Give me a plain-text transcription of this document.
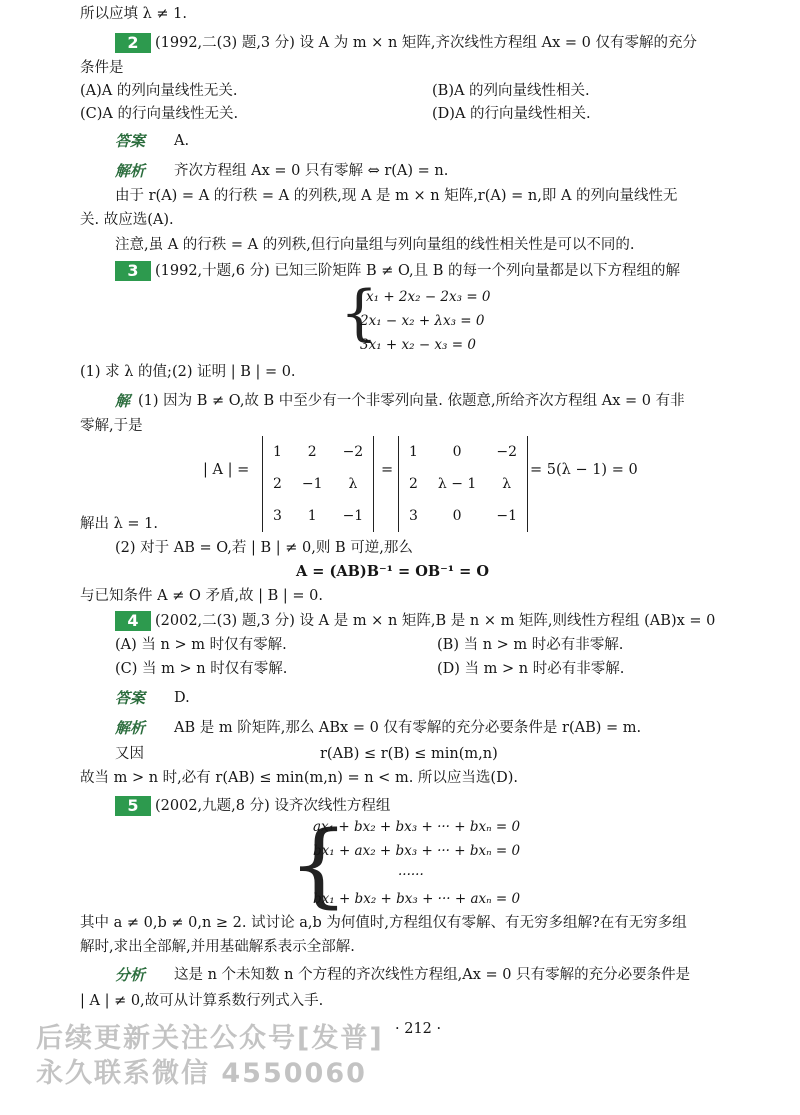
所以应填 λ ≠ 1.
2	(1992,二(3) 题,3 分) 设 A 为 m × n 矩阵,齐次线性方程组 Ax = 0 仅有零解的充分
条件是
(A)A 的列向量线性无关.	(B)A 的列向量线性相关.
(C)A 的行向量线性无关.	(D)A 的行向量线性相关.
答案 A.
解析 齐次方程组 Ax = 0 只有零解 ⇔ r(A) = n.
由于 r(A) = A 的行秩 = A 的列秩,现 A 是 m × n 矩阵,r(A) = n,即 A 的列向量线性无
关. 故应选(A).
注意,虽 A 的行秩 = A 的列秩,但行向量组与列向量组的线性相关性是可以不同的.
3	(1992,十题,6 分) 已知三阶矩阵 B ≠ O,且 B 的每一个列向量都是以下方程组的解
{
x₁ + 2x₂ − 2x₃ = 0
2x₁ − x₂ + λx₃ = 0
3x₁ + x₂ − x₃ = 0
(1) 求 λ 的值;(2) 证明 | B | = 0.
解 (1) 因为 B ≠ O,故 B 中至少有一个非零列向量. 依题意,所给齐次方程组 Ax = 0 有非
零解,于是
| A | =
1	2	−2
2	−1	λ
3	1	−1
=
1	0	−2
2	λ − 1	λ
3	0	−1
= 5(λ − 1) = 0
解出 λ = 1.
(2) 对于 AB = O,若 | B | ≠ 0,则 B 可逆,那么
A = (AB)B⁻¹ = OB⁻¹ = O
与已知条件 A ≠ O 矛盾,故 | B | = 0.
4	(2002,二(3) 题,3 分) 设 A 是 m × n 矩阵,B 是 n × m 矩阵,则线性方程组 (AB)x = 0
(A) 当 n > m 时仅有零解.	(B) 当 n > m 时必有非零解.
(C) 当 m > n 时仅有零解.	(D) 当 m > n 时必有非零解.
答案 D.
解析 AB 是 m 阶矩阵,那么 ABx = 0 仅有零解的充分必要条件是 r(AB) = m.
又因	r(AB) ≤ r(B) ≤ min(m,n)
故当 m > n 时,必有 r(AB) ≤ min(m,n) = n < m. 所以应当选(D).
5	(2002,九题,8 分) 设齐次线性方程组
{
ax₁ + bx₂ + bx₃ + ··· + bxₙ = 0
bx₁ + ax₂ + bx₃ + ··· + bxₙ = 0
······
bx₁ + bx₂ + bx₃ + ··· + axₙ = 0
其中 a ≠ 0,b ≠ 0,n ≥ 2. 试讨论 a,b 为何值时,方程组仅有零解、有无穷多组解?在有无穷多组
解时,求出全部解,并用基础解系表示全部解.
分析 这是 n 个未知数 n 个方程的齐次线性方程组,Ax = 0 只有零解的充分必要条件是
| A | ≠ 0,故可从计算系数行列式入手.
· 212 ·
后续更新关注公众号[发普]
永久联系微信 4550060
